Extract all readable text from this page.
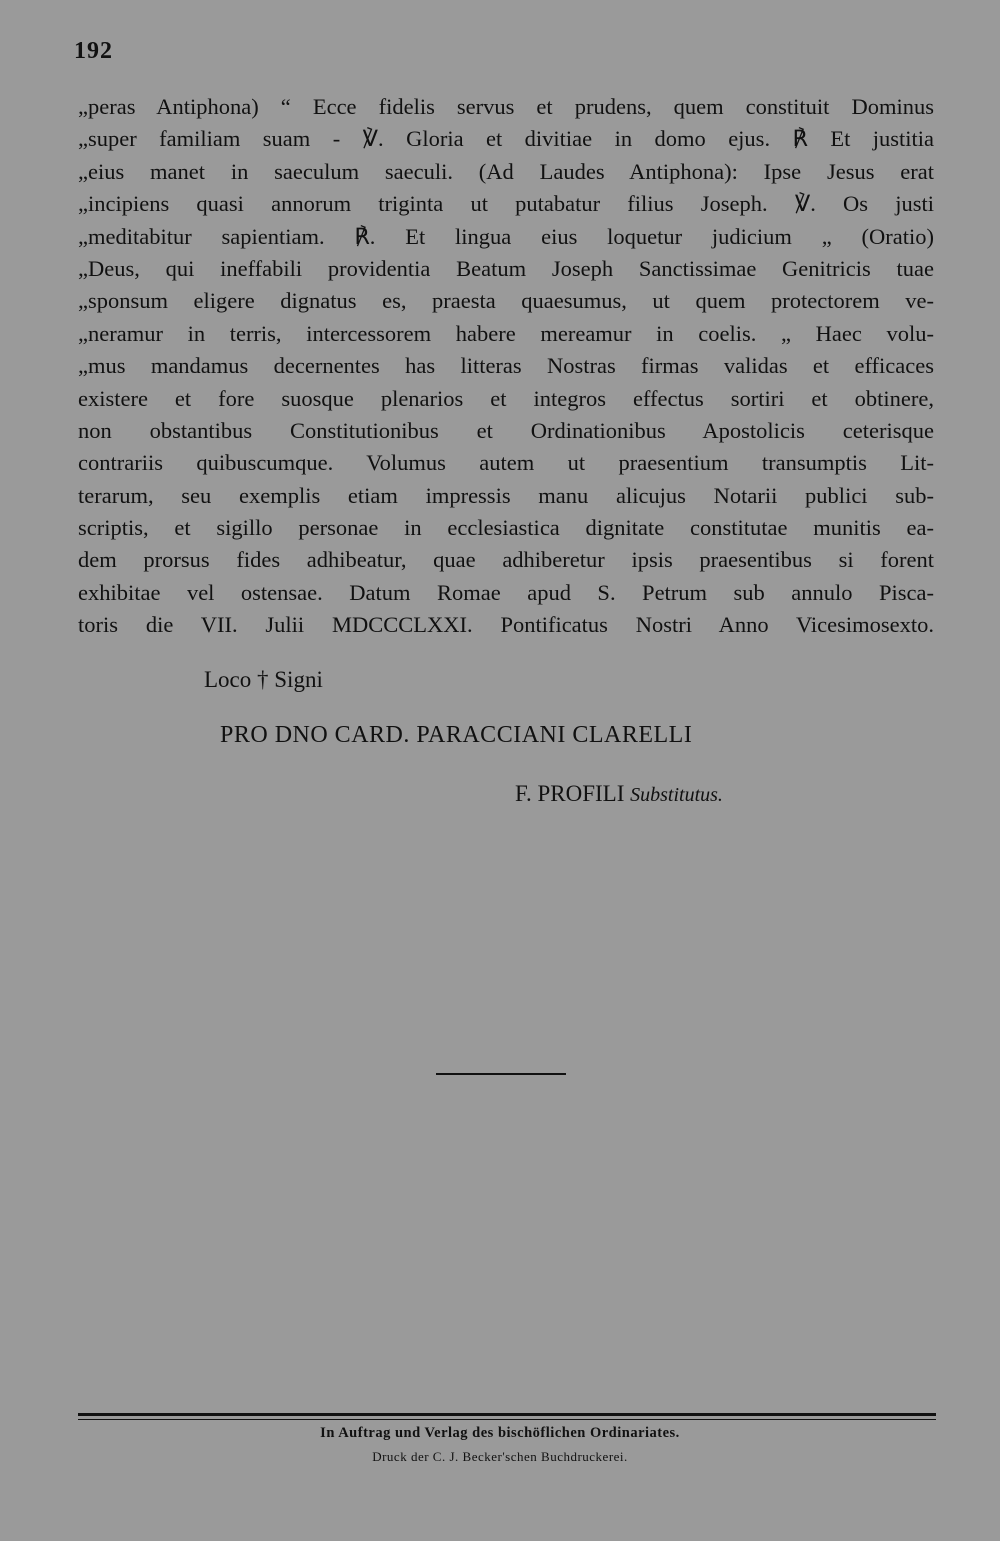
192
„peras Antiphona) “ Ecce fidelis servus et prudens, quem constituit Dominus
„super familiam suam - ℣. Gloria et divitiae in domo ejus. ℟ Et justitia
„eius manet in saeculum saeculi. (Ad Laudes Antiphona): Ipse Jesus erat
„incipiens quasi annorum triginta ut putabatur filius Joseph. ℣. Os justi
„meditabitur sapientiam. ℟. Et lingua eius loquetur judicium „ (Oratio)
„Deus, qui ineffabili providentia Beatum Joseph Sanctissimae Genitricis tuae
„sponsum eligere dignatus es, praesta quaesumus, ut quem protectorem ve-
„neramur in terris, intercessorem habere mereamur in coelis. „ Haec volu-
„mus mandamus decernentes has litteras Nostras firmas validas et efficaces
existere et fore suosque plenarios et integros effectus sortiri et obtinere,
non obstantibus Constitutionibus et Ordinationibus Apostolicis ceterisque
contrariis quibuscumque. Volumus autem ut praesentium transumptis Lit-
terarum, seu exemplis etiam impressis manu alicujus Notarii publici sub-
scriptis, et sigillo personae in ecclesiastica dignitate constitutae munitis ea-
dem prorsus fides adhibeatur, quae adhiberetur ipsis praesentibus si forent
exhibitae vel ostensae. Datum Romae apud S. Petrum sub annulo Pisca-
toris die VII. Julii MDCCCLXXI. Pontificatus Nostri Anno Vicesimosexto.
Loco † Signi
PRO DNO CARD. PARACCIANI CLARELLI
F. PROFILI Substitutus.
In Auftrag und Verlag des bischöflichen Ordinariates.
Druck der C. J. Becker'schen Buchdruckerei.
